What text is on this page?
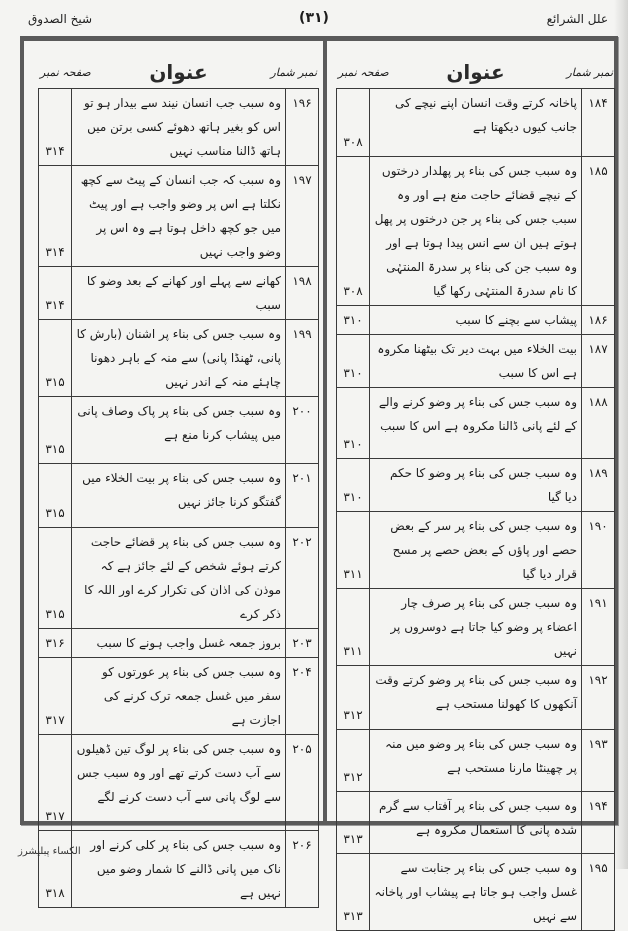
علل الشرائع
(۳۱)
شیخ الصدوق
نمبر شمار
عنوان
صفحہ نمبر
۱۸۴	پاخانہ کرتے وقت انسان اپنے نیچے کی جانب کیوں دیکھتا ہے	۳۰۸
۱۸۵	وہ سبب جس کی بناء پر پھلدار درختوں کے نیچے قضائے حاجت منع ہے اور وہ سبب جس کی بناء پر جن درختوں پر پھل ہوتے ہیں ان سے انس پیدا ہوتا ہے اور وہ سبب جن کی بناء پر سدرۃ المنتہٰی کا نام سدرۃ المنتہٰی رکھا گیا	۳۰۸
۱۸۶	پیشاب سے بچنے کا سبب	۳۱۰
۱۸۷	بیت الخلاء میں بہت دیر تک بیٹھنا مکروہ ہے اس کا سبب	۳۱۰
۱۸۸	وہ سبب جس کی بناء پر وضو کرنے والے کے لئے پانی ڈالنا مکروہ ہے اس کا سبب	۳۱۰
۱۸۹	وہ سبب جس کی بناء پر وضو کا حکم دیا گیا	۳۱۰
۱۹۰	وہ سبب جس کی بناء پر سر کے بعض حصے اور پاؤں کے بعض حصے پر مسح قرار دیا گیا	۳۱۱
۱۹۱	وہ سبب جس کی بناء پر صرف چار اعضاء پر وضو کیا جاتا ہے دوسروں پر نہیں	۳۱۱
۱۹۲	وہ سبب جس کی بناء پر وضو کرتے وقت آنکھوں کا کھولنا مستحب ہے	۳۱۲
۱۹۳	وہ سبب جس کی بناء پر وضو میں منہ پر چھینٹا مارنا مستحب ہے	۳۱۲
۱۹۴	وہ سبب جس کی بناء پر آفتاب سے گرم شدہ پانی کا استعمال مکروہ ہے	۳۱۳
۱۹۵	وہ سبب جس کی بناء پر جنابت سے غسل واجب ہو جاتا ہے پیشاب اور پاخانہ سے نہیں	۳۱۳
نمبر شمار
عنوان
صفحہ نمبر
۱۹۶	وہ سبب جب انسان نیند سے بیدار ہو تو اس کو بغیر ہاتھ دھوئے کسی برتن میں ہاتھ ڈالنا مناسب نہیں	۳۱۴
۱۹۷	وہ سبب کہ جب انسان کے پیٹ سے کچھ نکلتا ہے اس پر وضو واجب ہے اور پیٹ میں جو کچھ داخل ہوتا ہے وہ اس پر وضو واجب نہیں	۳۱۴
۱۹۸	کھانے سے پہلے اور کھانے کے بعد وضو کا سبب	۳۱۴
۱۹۹	وہ سبب جس کی بناء پر اشنان (بارش کا پانی، ٹھنڈا پانی) سے منہ کے باہر دھونا چاہئے منہ کے اندر نہیں	۳۱۵
۲۰۰	وہ سبب جس کی بناء پر پاک وصاف پانی میں پیشاب کرنا منع ہے	۳۱۵
۲۰۱	وہ سبب جس کی بناء پر بیت الخلاء میں گفتگو کرنا جائز نہیں	۳۱۵
۲۰۲	وہ سبب جس کی بناء پر قضائے حاجت کرتے ہوئے شخص کے لئے جائز ہے کہ موذن کی اذان کی تکرار کرے اور اللہ کا ذکر کرے	۳۱۵
۲۰۳	بروز جمعہ غسل واجب ہونے کا سبب	۳۱۶
۲۰۴	وہ سبب جس کی بناء پر عورتوں کو سفر میں غسل جمعہ ترک کرنے کی اجازت ہے	۳۱۷
۲۰۵	وہ سبب جس کی بناء پر لوگ تین ڈھیلوں سے آب دست کرتے تھے اور وہ سبب جس سے لوگ پانی سے آب دست کرنے لگے	۳۱۷
۲۰۶	وہ سبب جس کی بناء پر کلی کرنے اور ناک میں پانی ڈالنے کا شمار وضو میں نہیں ہے	۳۱۸
الکساء پبلیشرز
